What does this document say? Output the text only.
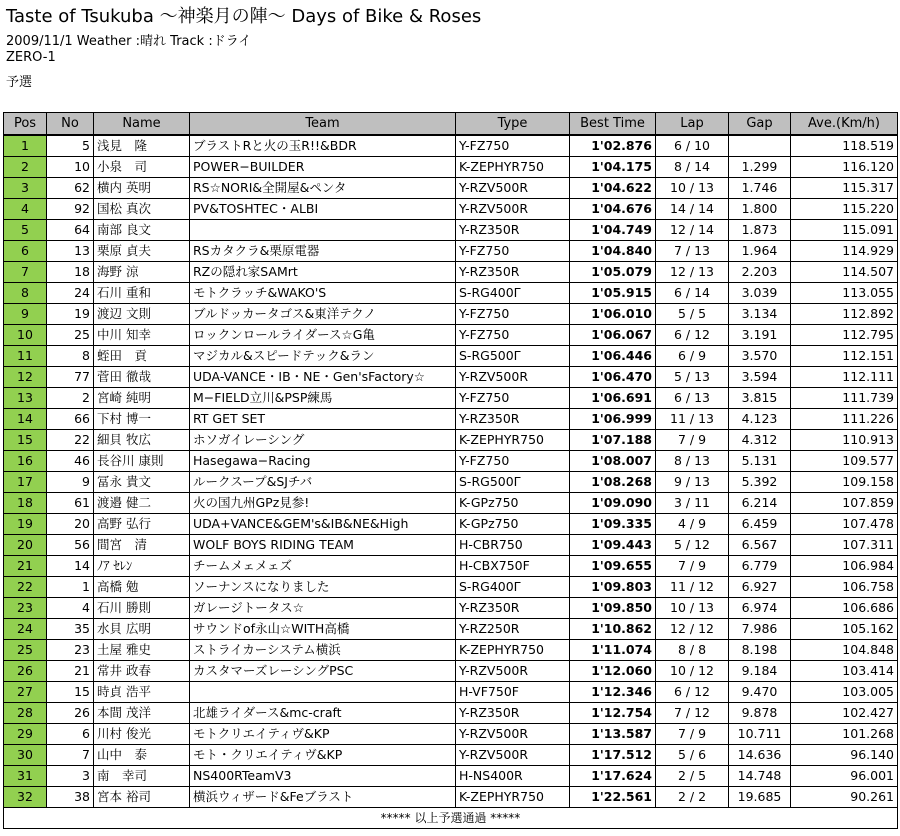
Taste of Tsukuba 〜神楽月の陣〜 Days of Bike & Roses
2009/11/1 Weather :晴れ Track :ドライ
ZERO-1
予選
Pos	No	Name	Team	Type	Best Time	Lap	Gap	Ave.(Km/h)
1	5	浅見　隆	ブラストRと火の玉R!!&BDR	Y-FZ750	1'02.876	6 / 10		118.519
2	10	小泉　司	POWER−BUILDER	K-ZEPHYR750	1'04.175	8 / 14	1.299	116.120
3	62	横内 英明	RS☆NORI&全開屋&ペンタ	Y-RZV500R	1'04.622	10 / 13	1.746	115.317
4	92	国松 真次	PV&TOSHTEC・ALBI	Y-RZV500R	1'04.676	14 / 14	1.800	115.220
5	64	南部 良文		Y-RZ350R	1'04.749	12 / 14	1.873	115.091
6	13	栗原 貞夫	RSカタクラ&栗原電器	Y-FZ750	1'04.840	7 / 13	1.964	114.929
7	18	海野 涼	RZの隠れ家SAMrt	Y-RZ350R	1'05.079	12 / 13	2.203	114.507
8	24	石川 重和	モトクラッチ&WAKO'S	S-RG400Γ	1'05.915	6 / 14	3.039	113.055
9	19	渡辺 文則	ブルドッカータゴス&東洋テクノ	Y-FZ750	1'06.010	5 / 5	3.134	112.892
10	25	中川 知幸	ロックンロールライダース☆G亀	Y-FZ750	1'06.067	6 / 12	3.191	112.795
11	8	蛭田　貢	マジカル&スピードテック&ラン	S-RG500Γ	1'06.446	6 / 9	3.570	112.151
12	77	菅田 徹哉	UDA-VANCE・IB・NE・Gen'sFactory☆	Y-RZV500R	1'06.470	5 / 13	3.594	112.111
13	2	宮崎 純明	M−FIELD立川&PSP練馬	Y-FZ750	1'06.691	6 / 13	3.815	111.739
14	66	下村 博一	RT GET SET	Y-RZ350R	1'06.999	11 / 13	4.123	111.226
15	22	細貝 牧広	ホソガイレーシング	K-ZEPHYR750	1'07.188	7 / 9	4.312	110.913
16	46	長谷川 康則	Hasegawa−Racing	Y-FZ750	1'08.007	8 / 13	5.131	109.577
17	9	冨永 貴文	ルークスープ&SJチバ	S-RG500Γ	1'08.268	9 / 13	5.392	109.158
18	61	渡邉 健二	火の国九州GPz見参!	K-GPz750	1'09.090	3 / 11	6.214	107.859
19	20	高野 弘行	UDA+VANCE&GEM's&IB&NE&High	K-GPz750	1'09.335	4 / 9	6.459	107.478
20	56	間宮　清	WOLF BOYS RIDING TEAM	H-CBR750	1'09.443	5 / 12	6.567	107.311
21	14	ﾉｱ ｾﾚﾝ	チームメェメェズ	H-CBX750F	1'09.655	7 / 9	6.779	106.984
22	1	高橋 勉	ソーナンスになりました	S-RG400Γ	1'09.803	11 / 12	6.927	106.758
23	4	石川 勝則	ガレージトータス☆	Y-RZ350R	1'09.850	10 / 13	6.974	106.686
24	35	水貝 広明	サウンドof永山☆WITH高橋	Y-RZ250R	1'10.862	12 / 12	7.986	105.162
25	23	土屋 雅史	ストライカーシステム横浜	K-ZEPHYR750	1'11.074	8 / 8	8.198	104.848
26	21	常井 政春	カスタマーズレーシングPSC	Y-RZV500R	1'12.060	10 / 12	9.184	103.414
27	15	時貞 浩平		H-VF750F	1'12.346	6 / 12	9.470	103.005
28	26	本間 茂洋	北雄ライダース&mc-craft	Y-RZ350R	1'12.754	7 / 12	9.878	102.427
29	6	川村 俊光	モトクリエイティヴ&KP	Y-RZV500R	1'13.587	7 / 9	10.711	101.268
30	7	山中　泰	モト・クリエイティヴ&KP	Y-RZV500R	1'17.512	5 / 6	14.636	96.140
31	3	南　幸司	NS400RTeamV3	H-NS400R	1'17.624	2 / 5	14.748	96.001
32	38	宮本 裕司	横浜ウィザード&Feブラスト	K-ZEPHYR750	1'22.561	2 / 2	19.685	90.261
***** 以上予選通過 *****								
